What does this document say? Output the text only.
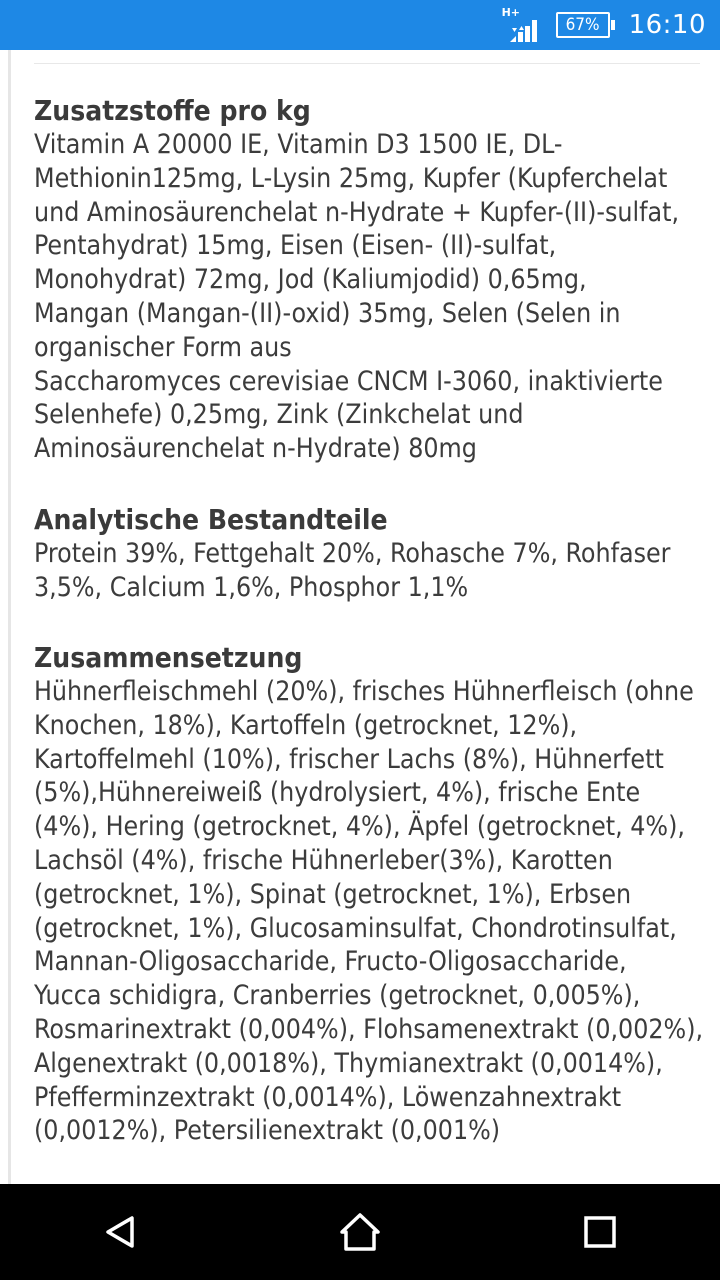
H+
67% 16:10
Zusatzstoffe pro kg

Vitamin A 20000 IE, Vitamin D3 1500 IE, DL-
Methionin125mg, L-Lysin 25mg, Kupfer (Kupferchelat
und Aminosäurenchelat n-Hydrate + Kupfer-(II)-sulfat,
Pentahydrat) 15mg, Eisen (Eisen- (II)-sulfat,
Monohydrat) 72mg, Jod (Kaliumjodid) 0,65mg,
Mangan (Mangan-(II)-oxid) 35mg, Selen (Selen in
organischer Form aus
Saccharomyces cerevisiae CNCM I-3060, inaktivierte
Selenhefe) 0,25mg, Zink (Zinkchelat und
Aminosäurenchelat n-Hydrate) 80mg

Analytische Bestandteile

Protein 39%, Fettgehalt 20%, Rohasche 7%, Rohfaser
3,5%, Calcium 1,6%, Phosphor 1,1%

Zusammensetzung

Hühnerfleischmehl (20%), frisches Hühnerfleisch (ohne
Knochen, 18%), Kartoffeln (getrocknet, 12%),
Kartoffelmehl (10%), frischer Lachs (8%), Hühnerfett
(5%),Hühnereiweiß (hydrolysiert, 4%), frische Ente
(4%), Hering (getrocknet, 4%), Äpfel (getrocknet, 4%),
Lachsöl (4%), frische Hühnerleber(3%), Karotten
(getrocknet, 1%), Spinat (getrocknet, 1%), Erbsen
(getrocknet, 1%), Glucosaminsulfat, Chondrotinsulfat,
Mannan-Oligosaccharide, Fructo-Oligosaccharide,
Yucca schidigra, Cranberries (getrocknet, 0,005%),
Rosmarinextrakt (0,004%), Flohsamenextrakt (0,002%),
Algenextrakt (0,0018%), Thymianextrakt (0,0014%),
Pfefferminzextrakt (0,0014%), Löwenzahnextrakt
(0,0012%), Petersilienextrakt (0,001%)
